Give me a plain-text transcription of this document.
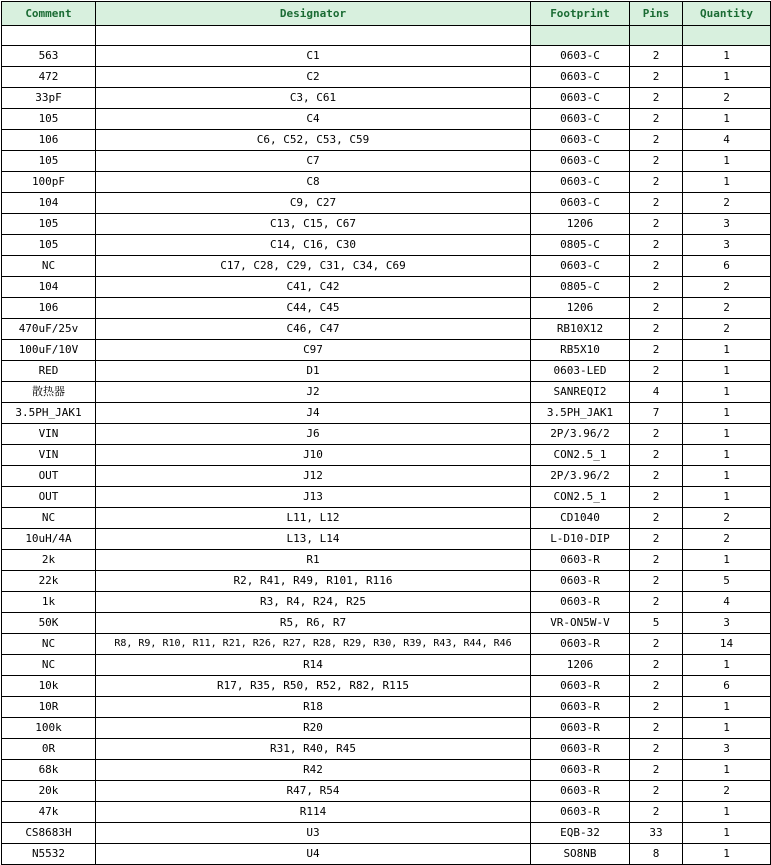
Comment	Designator	Footprint	Pins	Quantity

563	C1	0603-C	2	1
472	C2	0603-C	2	1
33pF	C3, C61	0603-C	2	2
105	C4	0603-C	2	1
106	C6, C52, C53, C59	0603-C	2	4
105	C7	0603-C	2	1
100pF	C8	0603-C	2	1
104	C9, C27	0603-C	2	2
105	C13, C15, C67	1206	2	3
105	C14, C16, C30	0805-C	2	3
NC	C17, C28, C29, C31, C34, C69	0603-C	2	6
104	C41, C42	0805-C	2	2
106	C44, C45	1206	2	2
470uF/25v	C46, C47	RB10X12	2	2
100uF/10V	C97	RB5X10	2	1
RED	D1	0603-LED	2	1
散热器	J2	SANREQI2	4	1
3.5PH_JAK1	J4	3.5PH_JAK1	7	1
VIN	J6	2P/3.96/2	2	1
VIN	J10	CON2.5_1	2	1
OUT	J12	2P/3.96/2	2	1
OUT	J13	CON2.5_1	2	1
NC	L11, L12	CD1040	2	2
10uH/4A	L13, L14	L-D10-DIP	2	2
2k	R1	0603-R	2	1
22k	R2, R41, R49, R101, R116	0603-R	2	5
1k	R3, R4, R24, R25	0603-R	2	4
50K	R5, R6, R7	VR-ON5W-V	5	3
NC	R8, R9, R10, R11, R21, R26, R27, R28, R29, R30, R39, R43, R44, R46	0603-R	2	14
NC	R14	1206	2	1
10k	R17, R35, R50, R52, R82, R115	0603-R	2	6
10R	R18	0603-R	2	1
100k	R20	0603-R	2	1
0R	R31, R40, R45	0603-R	2	3
68k	R42	0603-R	2	1
20k	R47, R54	0603-R	2	2
47k	R114	0603-R	2	1
CS8683H	U3	EQB-32	33	1
N5532	U4	SO8NB	8	1
